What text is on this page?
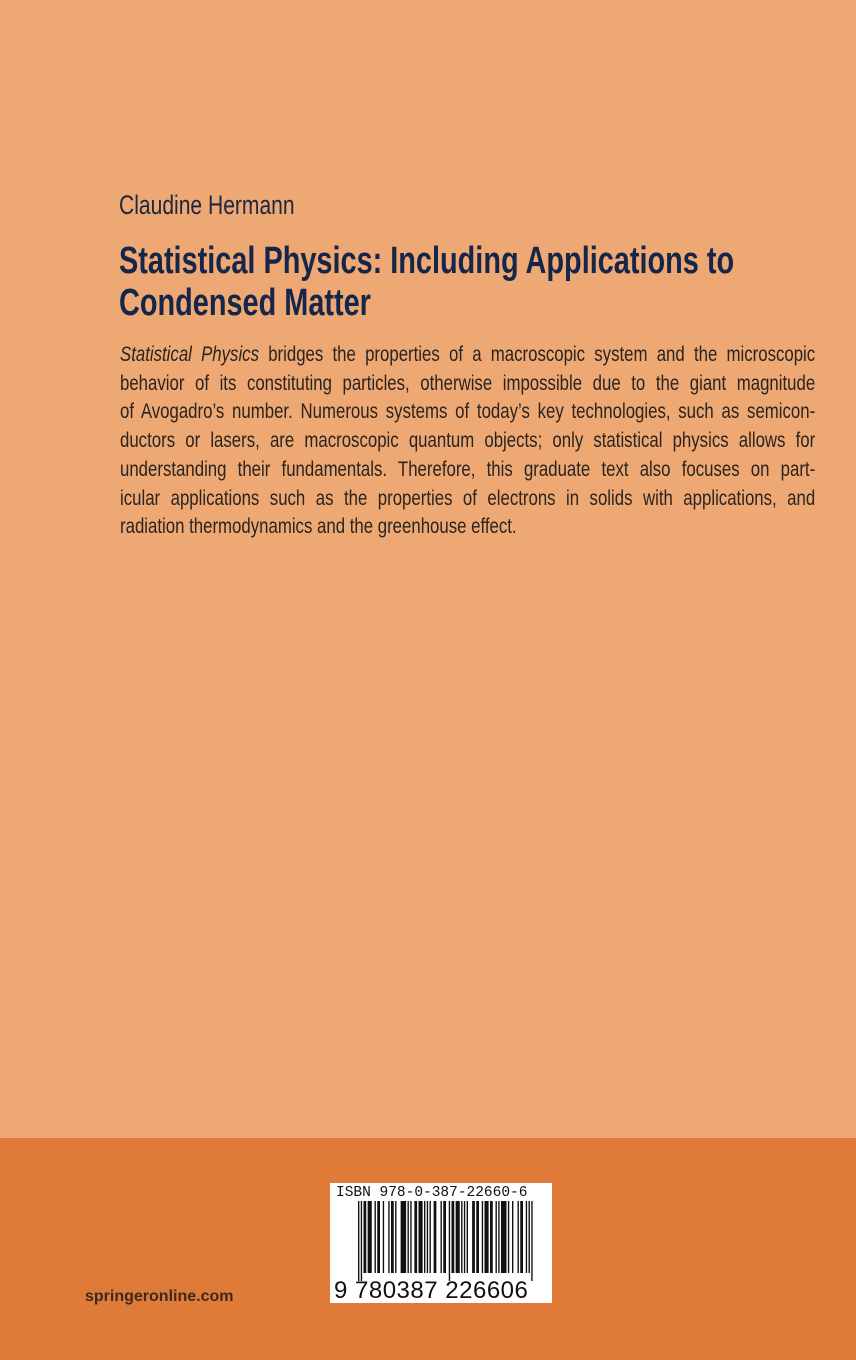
Claudine Hermann
Statistical Physics: Including Applications to
Condensed Matter
Statistical Physics bridges the properties of a macroscopic system and the microscopic
behavior of its constituting particles, otherwise impossible due to the giant magnitude
of Avogadro’s number. Numerous systems of today’s key technologies, such as semicon-
ductors or lasers, are macroscopic quantum objects; only statistical physics allows for
understanding their fundamentals. Therefore, this graduate text also focuses on part-
icular applications such as the properties of electrons in solids with applications, and
radiation thermodynamics and the greenhouse effect.
springeronline.com
ISBN 978-0-387-22660-6
9 780387 226606
